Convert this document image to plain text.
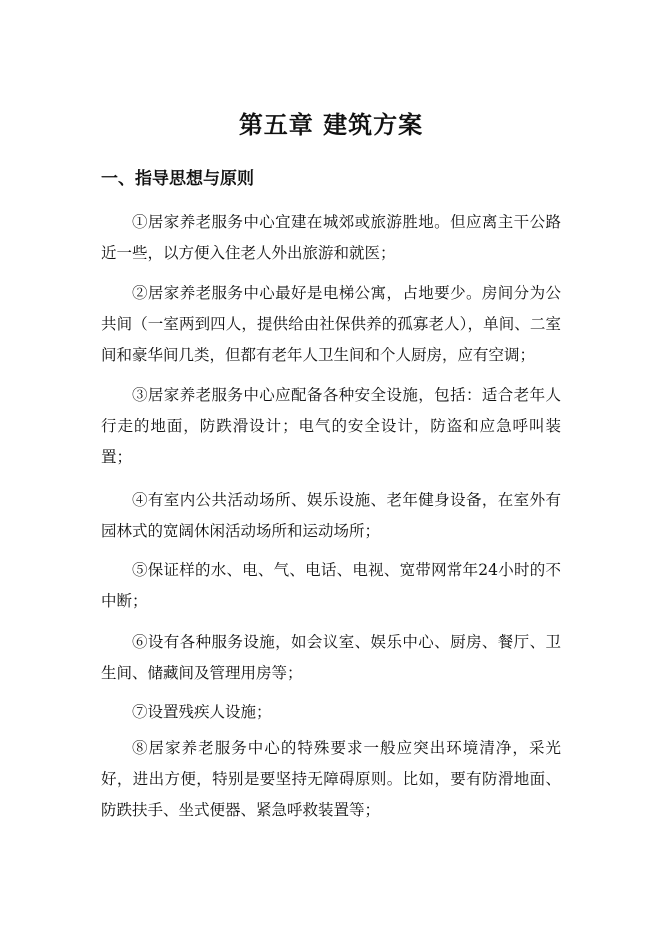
第五章 建筑方案
一、指导思想与原则
①居家养老服务中心宜建在城郊或旅游胜地。但应离主干公路近一些，以方便入住老人外出旅游和就医；
②居家养老服务中心最好是电梯公寓，占地要少。房间分为公共间（一室两到四人，提供给由社保供养的孤寡老人），单间、二室间和豪华间几类，但都有老年人卫生间和个人厨房，应有空调；
③居家养老服务中心应配备各种安全设施，包括：适合老年人行走的地面，防跌滑设计；电气的安全设计，防盗和应急呼叫装置；
④有室内公共活动场所、娱乐设施、老年健身设备，在室外有园林式的宽阔休闲活动场所和运动场所；
⑤保证样的水、电、气、电话、电视、宽带网常年24小时的不中断；
⑥设有各种服务设施，如会议室、娱乐中心、厨房、餐厅、卫生间、储藏间及管理用房等；
⑦设置残疾人设施；
⑧居家养老服务中心的特殊要求一般应突出环境清净，采光好，进出方便，特别是要坚持无障碍原则。比如，要有防滑地面、防跌扶手、坐式便器、紧急呼救装置等；
